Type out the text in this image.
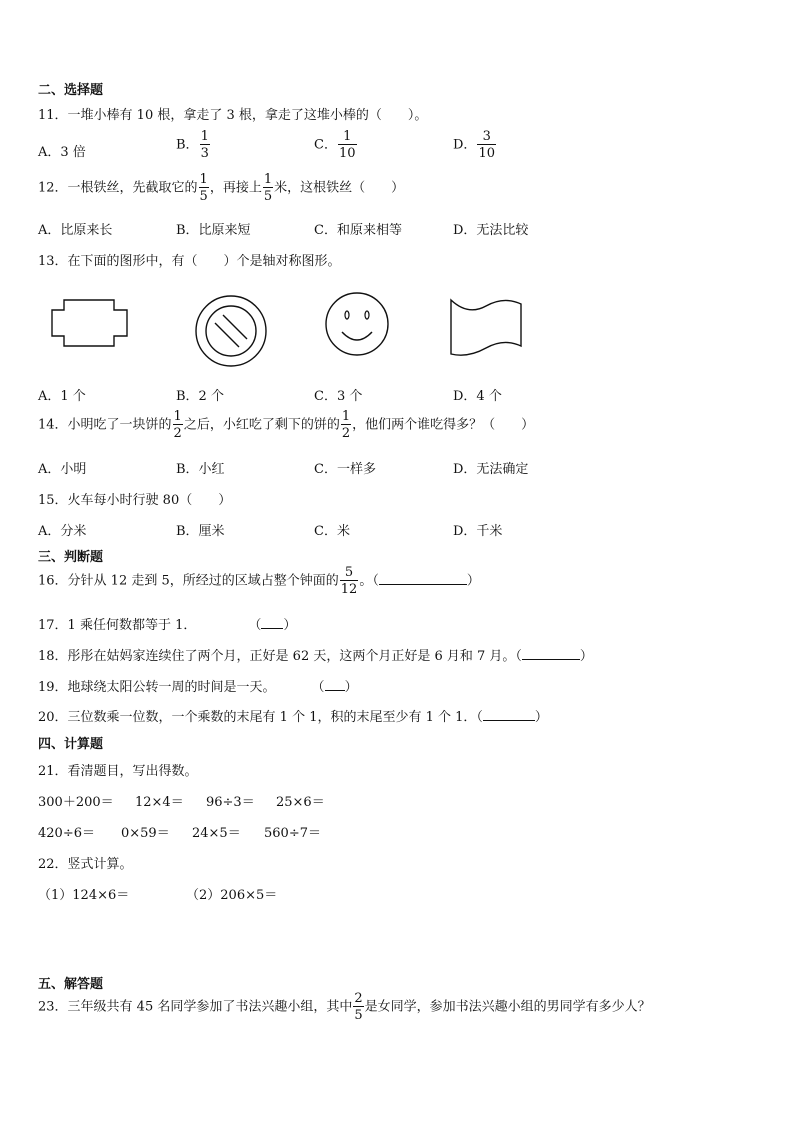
二、选择题
11．一堆小棒有 10 根，拿走了 3 根，拿走了这堆小棒的（　　）。
A．3 倍	B． $\frac{1}{3}$	C． $\frac{1}{10}$	D． $\frac{3}{10}$
12．一根铁丝，先截取它的 $\frac{1}{5}$ ，再接上 $\frac{1}{5}$ 米，这根铁丝（　　）
A．比原来长	B．比原来短	C．和原来相等	D．无法比较
13．在下面的图形中，有（　　）个是轴对称图形。
A．1 个	B．2 个	C．3 个	D．4 个
14．小明吃了一块饼的 $\frac{1}{2}$ 之后，小红吃了剩下的饼的 $\frac{1}{2}$ ，他们两个谁吃得多？（　　）
A．小明	B．小红	C．一样多	D．无法确定
15．火车每小时行驶 80（　　）
A．分米	B．厘米	C．米	D．千米
三、判断题
16．分针从 12 走到 5，所经过的区域占整个钟面的 $\frac{5}{12}$ 。（	）
17．1 乘任何数都等于 1．	（ ）
18．彤彤在姑妈家连续住了两个月，正好是 62 天，这两个月正好是 6 月和 7 月。（	）
19．地球绕太阳公转一周的时间是一天。	（ ）
20．三位数乘一位数，一个乘数的末尾有 1 个 1，积的末尾至少有 1 个 1．（	）
四、计算题
21．看清题目，写出得数。
300＋200＝ 12×4＝ 96÷3＝ 25×6＝
420÷6＝ 0×59＝ 24×5＝ 560÷7＝
22．竖式计算。
（1）124×6＝	（2）206×5＝
五、解答题
23．三年级共有 45 名同学参加了书法兴趣小组，其中 $\frac{2}{5}$ 是女同学，参加书法兴趣小组的男同学有多少人？
